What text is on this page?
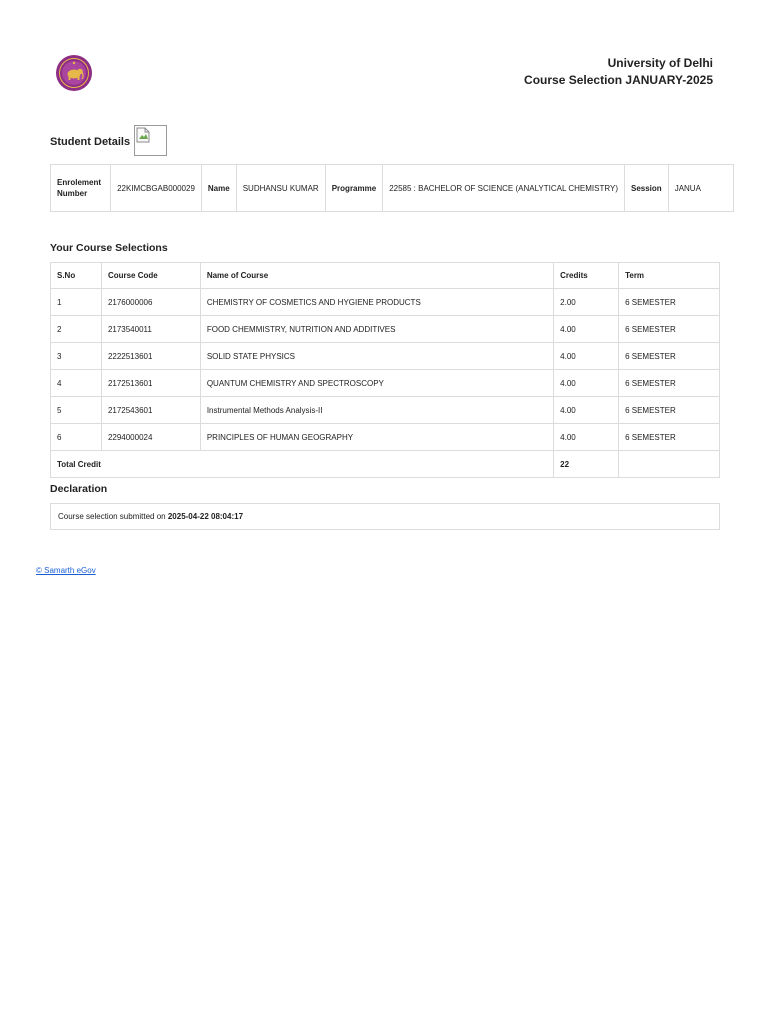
University of Delhi
Course Selection JANUARY-2025
Student Details
Enrolement Number	22KIMCBGAB000029	Name	SUDHANSU KUMAR	Programme	22585 : BACHELOR OF SCIENCE (ANALYTICAL CHEMISTRY)	Session	JANUA
Your Course Selections
S.No	Course Code	Name of Course	Credits	Term
1	2176000006	CHEMISTRY OF COSMETICS AND HYGIENE PRODUCTS	2.00	6 SEMESTER
2	2173540011	FOOD CHEMMISTRY, NUTRITION AND ADDITIVES	4.00	6 SEMESTER
3	2222513601	SOLID STATE PHYSICS	4.00	6 SEMESTER
4	2172513601	QUANTUM CHEMISTRY AND SPECTROSCOPY	4.00	6 SEMESTER
5	2172543601	Instrumental Methods Analysis-II	4.00	6 SEMESTER
6	2294000024	PRINCIPLES OF HUMAN GEOGRAPHY	4.00	6 SEMESTER
Total Credit			22	
Declaration
Course selection submitted on 2025-04-22 08:04:17
© Samarth eGov
